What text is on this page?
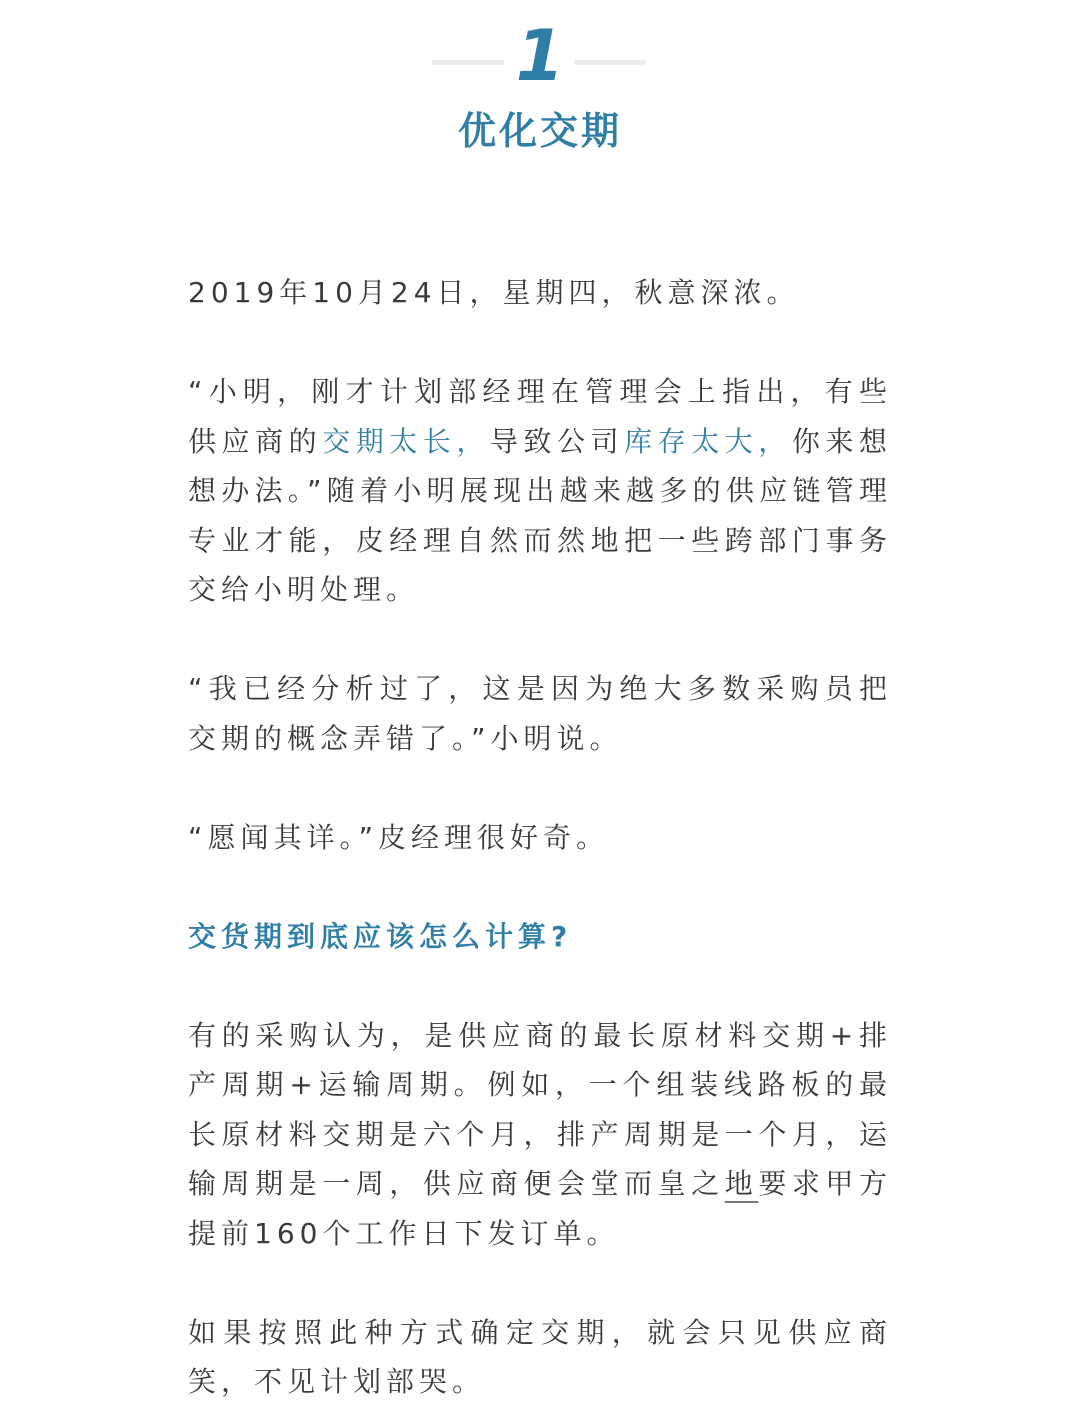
1
优化交期

2019年10月24日，星期四，秋意深浓。

“小明，刚才计划部经理在管理会上指出，有些供应商的交期太长，导致公司库存太大，你来想想办法。”随着小明展现出越来越多的供应链管理专业才能，皮经理自然而然地把一些跨部门事务交给小明处理。

“我已经分析过了，这是因为绝大多数采购员把交期的概念弄错了。”小明说。

“愿闻其详。”皮经理很好奇。

交货期到底应该怎么计算?

有的采购认为，是供应商的最长原材料交期+排产周期+运输周期。例如，一个组装线路板的最长原材料交期是六个月，排产周期是一个月，运输周期是一周，供应商便会堂而皇之地要求甲方提前160个工作日下发订单。

如果按照此种方式确定交期，就会只见供应商笑，不见计划部哭。
